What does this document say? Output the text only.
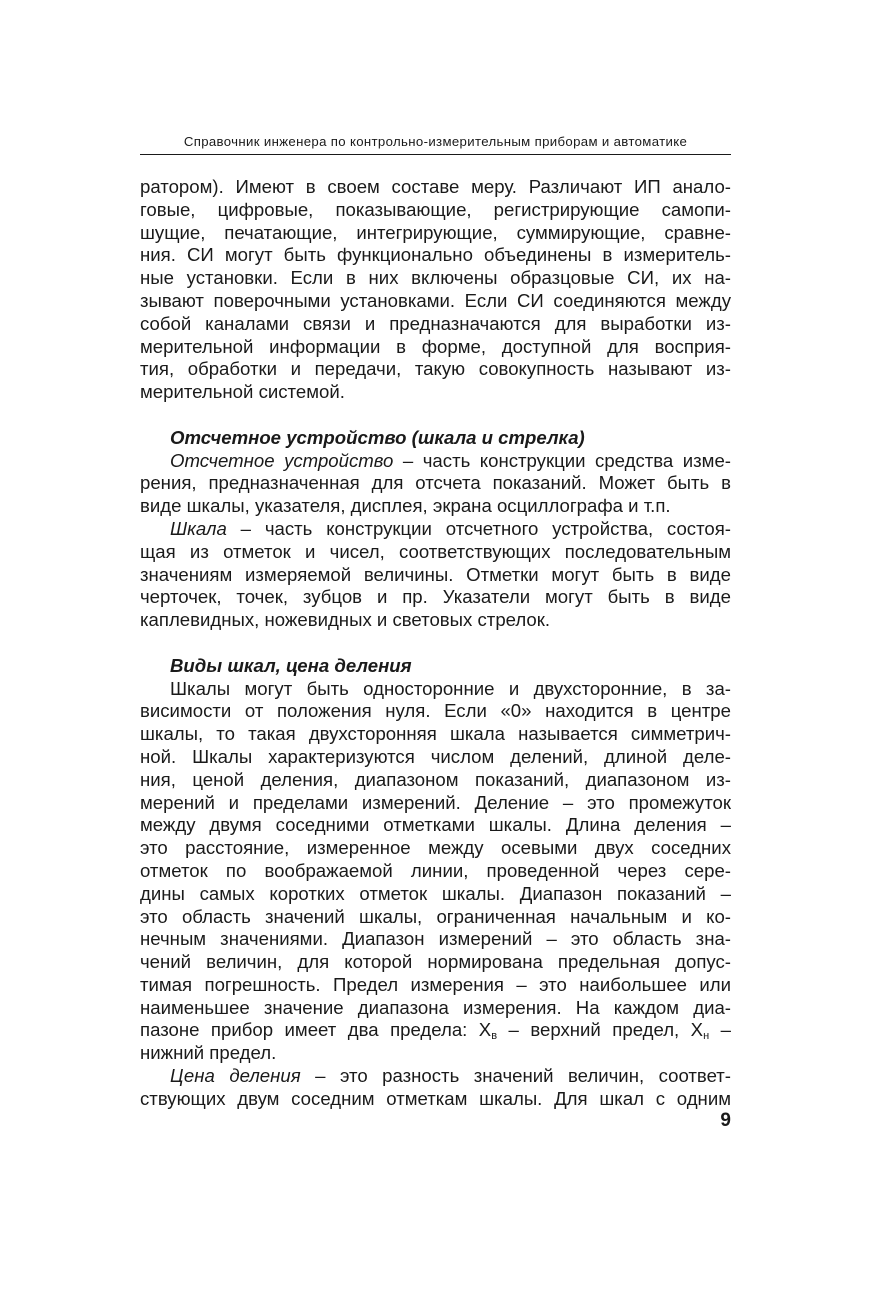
Справочник инженера по контрольно-измерительным приборам и автоматике
ратором). Имеют в своем составе меру. Различают ИП анало-
говые, цифровые, показывающие, регистрирующие самопи-
шущие, печатающие, интегрирующие, суммирующие, сравне-
ния. СИ могут быть функционально объединены в измеритель-
ные установки. Если в них включены образцовые СИ, их на-
зывают поверочными установками. Если СИ соединяются между
собой каналами связи и предназначаются для выработки из-
мерительной информации в форме, доступной для восприя-
тия, обработки и передачи, такую совокупность называют из-
мерительной системой.
Отсчетное устройство (шкала и стрелка)
Отсчетное устройство – часть конструкции средства изме-
рения, предназначенная для отсчета показаний. Может быть в
виде шкалы, указателя, дисплея, экрана осциллографа и т.п.
Шкала – часть конструкции отсчетного устройства, состоя-
щая из отметок и чисел, соответствующих последовательным
значениям измеряемой величины. Отметки могут быть в виде
черточек, точек, зубцов и пр. Указатели могут быть в виде
каплевидных, ножевидных и световых стрелок.
Виды шкал, цена деления
Шкалы могут быть односторонние и двухсторонние, в за-
висимости от положения нуля. Если «0» находится в центре
шкалы, то такая двухсторонняя шкала называется симметрич-
ной. Шкалы характеризуются числом делений, длиной деле-
ния, ценой деления, диапазоном показаний, диапазоном из-
мерений и пределами измерений. Деление – это промежуток
между двумя соседними отметками шкалы. Длина деления –
это расстояние, измеренное между осевыми двух соседних
отметок по воображаемой линии, проведенной через сере-
дины самых коротких отметок шкалы. Диапазон показаний –
это область значений шкалы, ограниченная начальным и ко-
нечным значениями. Диапазон измерений – это область зна-
чений величин, для которой нормирована предельная допус-
тимая погрешность. Предел измерения – это наибольшее или
наименьшее значение диапазона измерения. На каждом диа-
пазоне прибор имеет два предела: $Х_в$ – верхний предел, $Х_н$ –
нижний предел.
Цена деления – это разность значений величин, соответ-
ствующих двум соседним отметкам шкалы. Для шкал с одним
9
